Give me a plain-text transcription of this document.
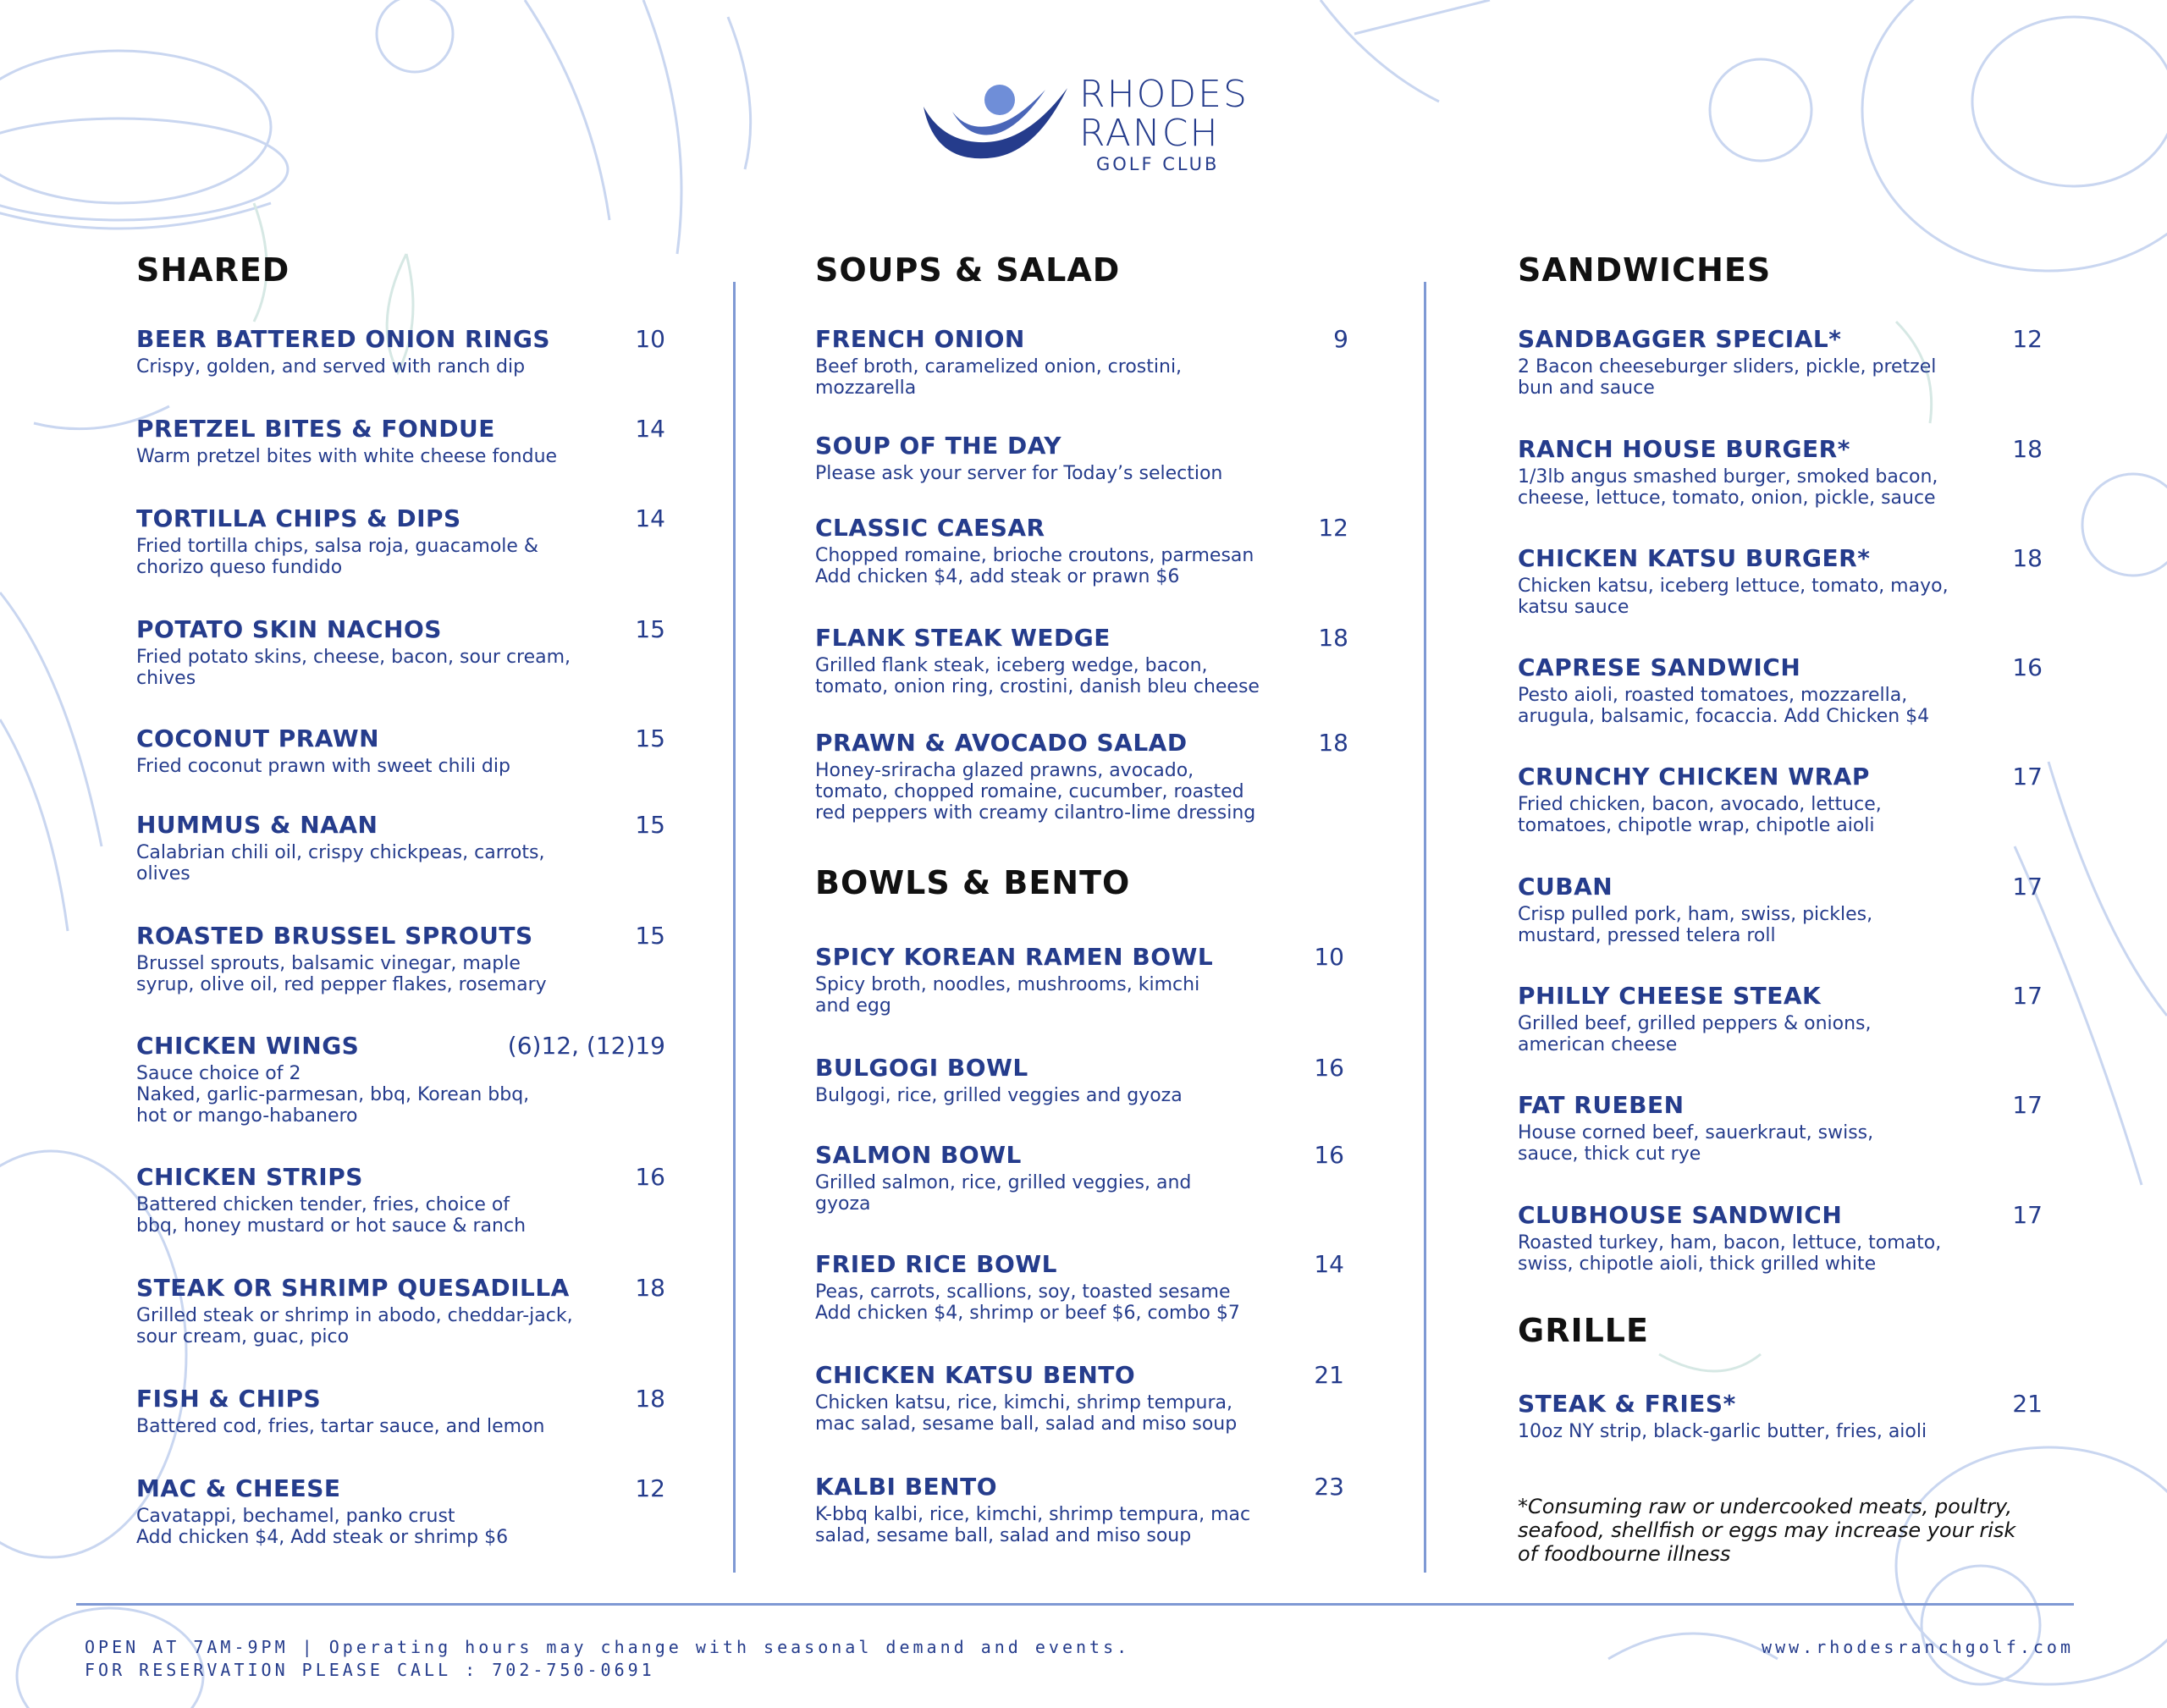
RHODES
RANCH
GOLF CLUB
SHARED
BEER BATTERED ONION RINGS	10
Crispy, golden, and served with ranch dip
PRETZEL BITES & FONDUE	14
Warm pretzel bites with white cheese fondue
TORTILLA CHIPS & DIPS	14
Fried tortilla chips, salsa roja, guacamole &
chorizo queso fundido
POTATO SKIN NACHOS	15
Fried potato skins, cheese, bacon, sour cream,
chives
COCONUT PRAWN	15
Fried coconut prawn with sweet chili dip
HUMMUS & NAAN	15
Calabrian chili oil, crispy chickpeas, carrots,
olives
ROASTED BRUSSEL SPROUTS	15
Brussel sprouts, balsamic vinegar, maple
syrup, olive oil, red pepper flakes, rosemary
CHICKEN WINGS	(6)12, (12)19
Sauce choice of 2
Naked, garlic-parmesan, bbq, Korean bbq,
hot or mango-habanero
CHICKEN STRIPS	16
Battered chicken tender, fries, choice of
bbq, honey mustard or hot sauce & ranch
STEAK OR SHRIMP QUESADILLA	18
Grilled steak or shrimp in abodo, cheddar-jack,
sour cream, guac, pico
FISH & CHIPS	18
Battered cod, fries, tartar sauce, and lemon
MAC & CHEESE	12
Cavatappi, bechamel, panko crust
Add chicken $4, Add steak or shrimp $6
SOUPS & SALAD
FRENCH ONION	9
Beef broth, caramelized onion, crostini,
mozzarella
SOUP OF THE DAY
Please ask your server for Today’s selection
CLASSIC CAESAR	12
Chopped romaine, brioche croutons, parmesan
Add chicken $4, add steak or prawn $6
FLANK STEAK WEDGE	18
Grilled flank steak, iceberg wedge, bacon,
tomato, onion ring, crostini, danish bleu cheese
PRAWN & AVOCADO SALAD	18
Honey-sriracha glazed prawns, avocado,
tomato, chopped romaine, cucumber, roasted
red peppers with creamy cilantro-lime dressing
BOWLS & BENTO
SPICY KOREAN RAMEN BOWL	10
Spicy broth, noodles, mushrooms, kimchi
and egg
BULGOGI BOWL	16
Bulgogi, rice, grilled veggies and gyoza
SALMON BOWL	16
Grilled salmon, rice, grilled veggies, and
gyoza
FRIED RICE BOWL	14
Peas, carrots, scallions, soy, toasted sesame
Add chicken $4, shrimp or beef $6, combo $7
CHICKEN KATSU BENTO	21
Chicken katsu, rice, kimchi, shrimp tempura,
mac salad, sesame ball, salad and miso soup
KALBI BENTO	23
K-bbq kalbi, rice, kimchi, shrimp tempura, mac
salad, sesame ball, salad and miso soup
SANDWICHES
SANDBAGGER SPECIAL*	12
2 Bacon cheeseburger sliders, pickle, pretzel
bun and sauce
RANCH HOUSE BURGER*	18
1/3lb angus smashed burger, smoked bacon,
cheese, lettuce, tomato, onion, pickle, sauce
CHICKEN KATSU BURGER*	18
Chicken katsu, iceberg lettuce, tomato, mayo,
katsu sauce
CAPRESE SANDWICH	16
Pesto aioli, roasted tomatoes, mozzarella,
arugula, balsamic, focaccia. Add Chicken $4
CRUNCHY CHICKEN WRAP	17
Fried chicken, bacon, avocado, lettuce,
tomatoes, chipotle wrap, chipotle aioli
CUBAN	17
Crisp pulled pork, ham, swiss, pickles,
mustard, pressed telera roll
PHILLY CHEESE STEAK	17
Grilled beef, grilled peppers & onions,
american cheese
FAT RUEBEN	17
House corned beef, sauerkraut, swiss,
sauce, thick cut rye
CLUBHOUSE SANDWICH	17
Roasted turkey, ham, bacon, lettuce, tomato,
swiss, chipotle aioli, thick grilled white
GRILLE
STEAK & FRIES*	21
10oz NY strip, black-garlic butter, fries, aioli
*Consuming raw or undercooked meats, poultry,
seafood, shellfish or eggs may increase your risk
of foodbourne illness
OPEN AT 7AM-9PM | Operating hours may change with seasonal demand and events.
FOR RESERVATION PLEASE CALL : 702-750-0691
www.rhodesranchgolf.com
